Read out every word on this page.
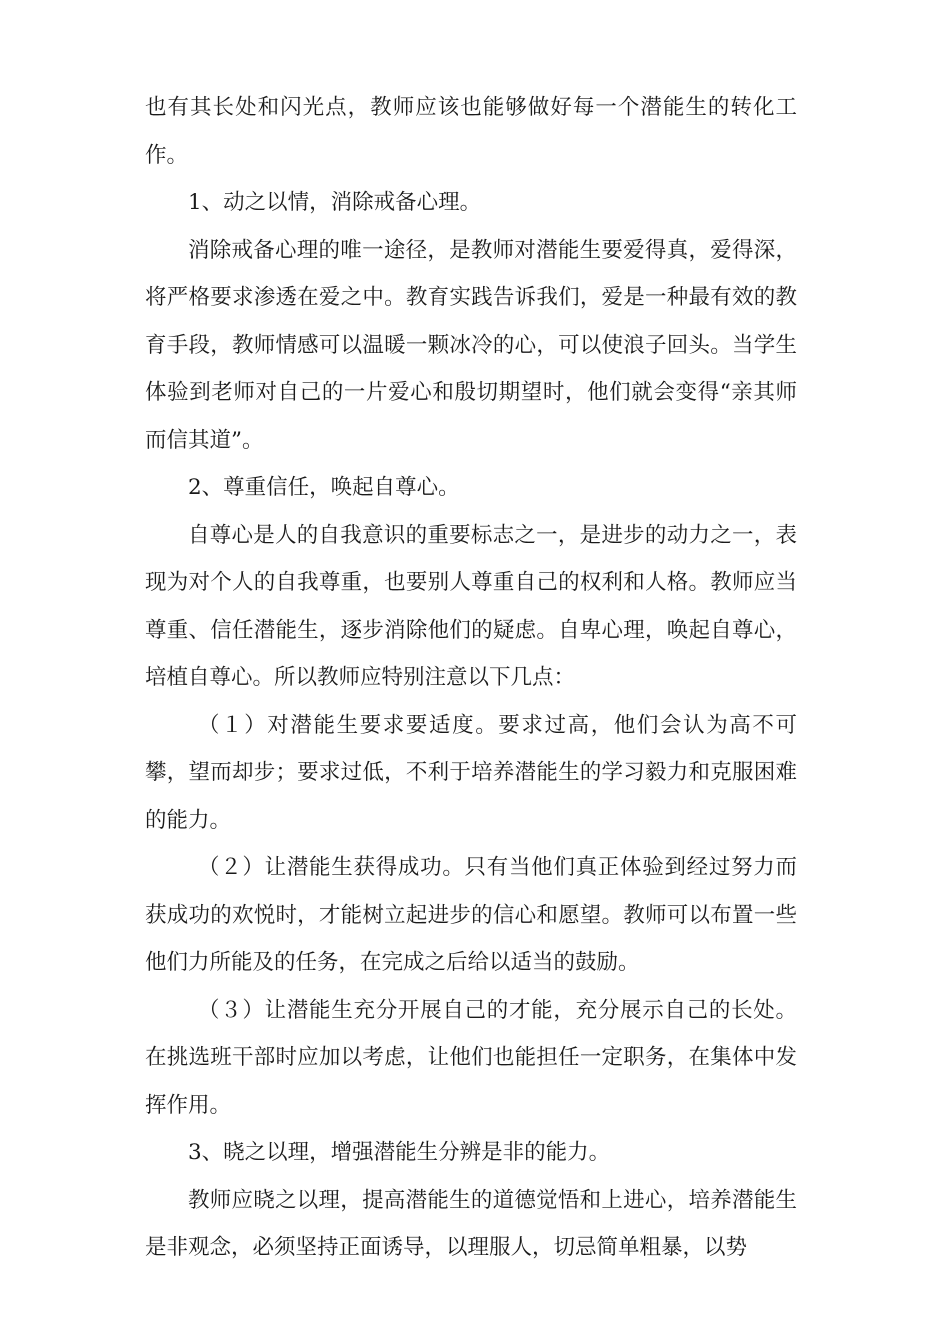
也有其长处和闪光点，教师应该也能够做好每一个潜能生的转化工作。

1、动之以情，消除戒备心理。

消除戒备心理的唯一途径，是教师对潜能生要爱得真，爱得深，将严格要求渗透在爱之中。教育实践告诉我们，爱是一种最有效的教育手段，教师情感可以温暖一颗冰冷的心，可以使浪子回头。当学生体验到老师对自己的一片爱心和殷切期望时，他们就会变得“亲其师而信其道”。

2、尊重信任，唤起自尊心。

自尊心是人的自我意识的重要标志之一，是进步的动力之一，表现为对个人的自我尊重，也要别人尊重自己的权利和人格。教师应当尊重、信任潜能生，逐步消除他们的疑虑。自卑心理，唤起自尊心，培植自尊心。所以教师应特别注意以下几点：

（１）对潜能生要求要适度。要求过高，他们会认为高不可攀，望而却步；要求过低，不利于培养潜能生的学习毅力和克服困难的能力。

（２）让潜能生获得成功。只有当他们真正体验到经过努力而获成功的欢悦时，才能树立起进步的信心和愿望。教师可以布置一些他们力所能及的任务，在完成之后给以适当的鼓励。

（３）让潜能生充分开展自己的才能，充分展示自己的长处。在挑选班干部时应加以考虑，让他们也能担任一定职务，在集体中发挥作用。

3、晓之以理，增强潜能生分辨是非的能力。

教师应晓之以理，提高潜能生的道德觉悟和上进心，培养潜能生是非观念，必须坚持正面诱导，以理服人，切忌简单粗暴，以势
